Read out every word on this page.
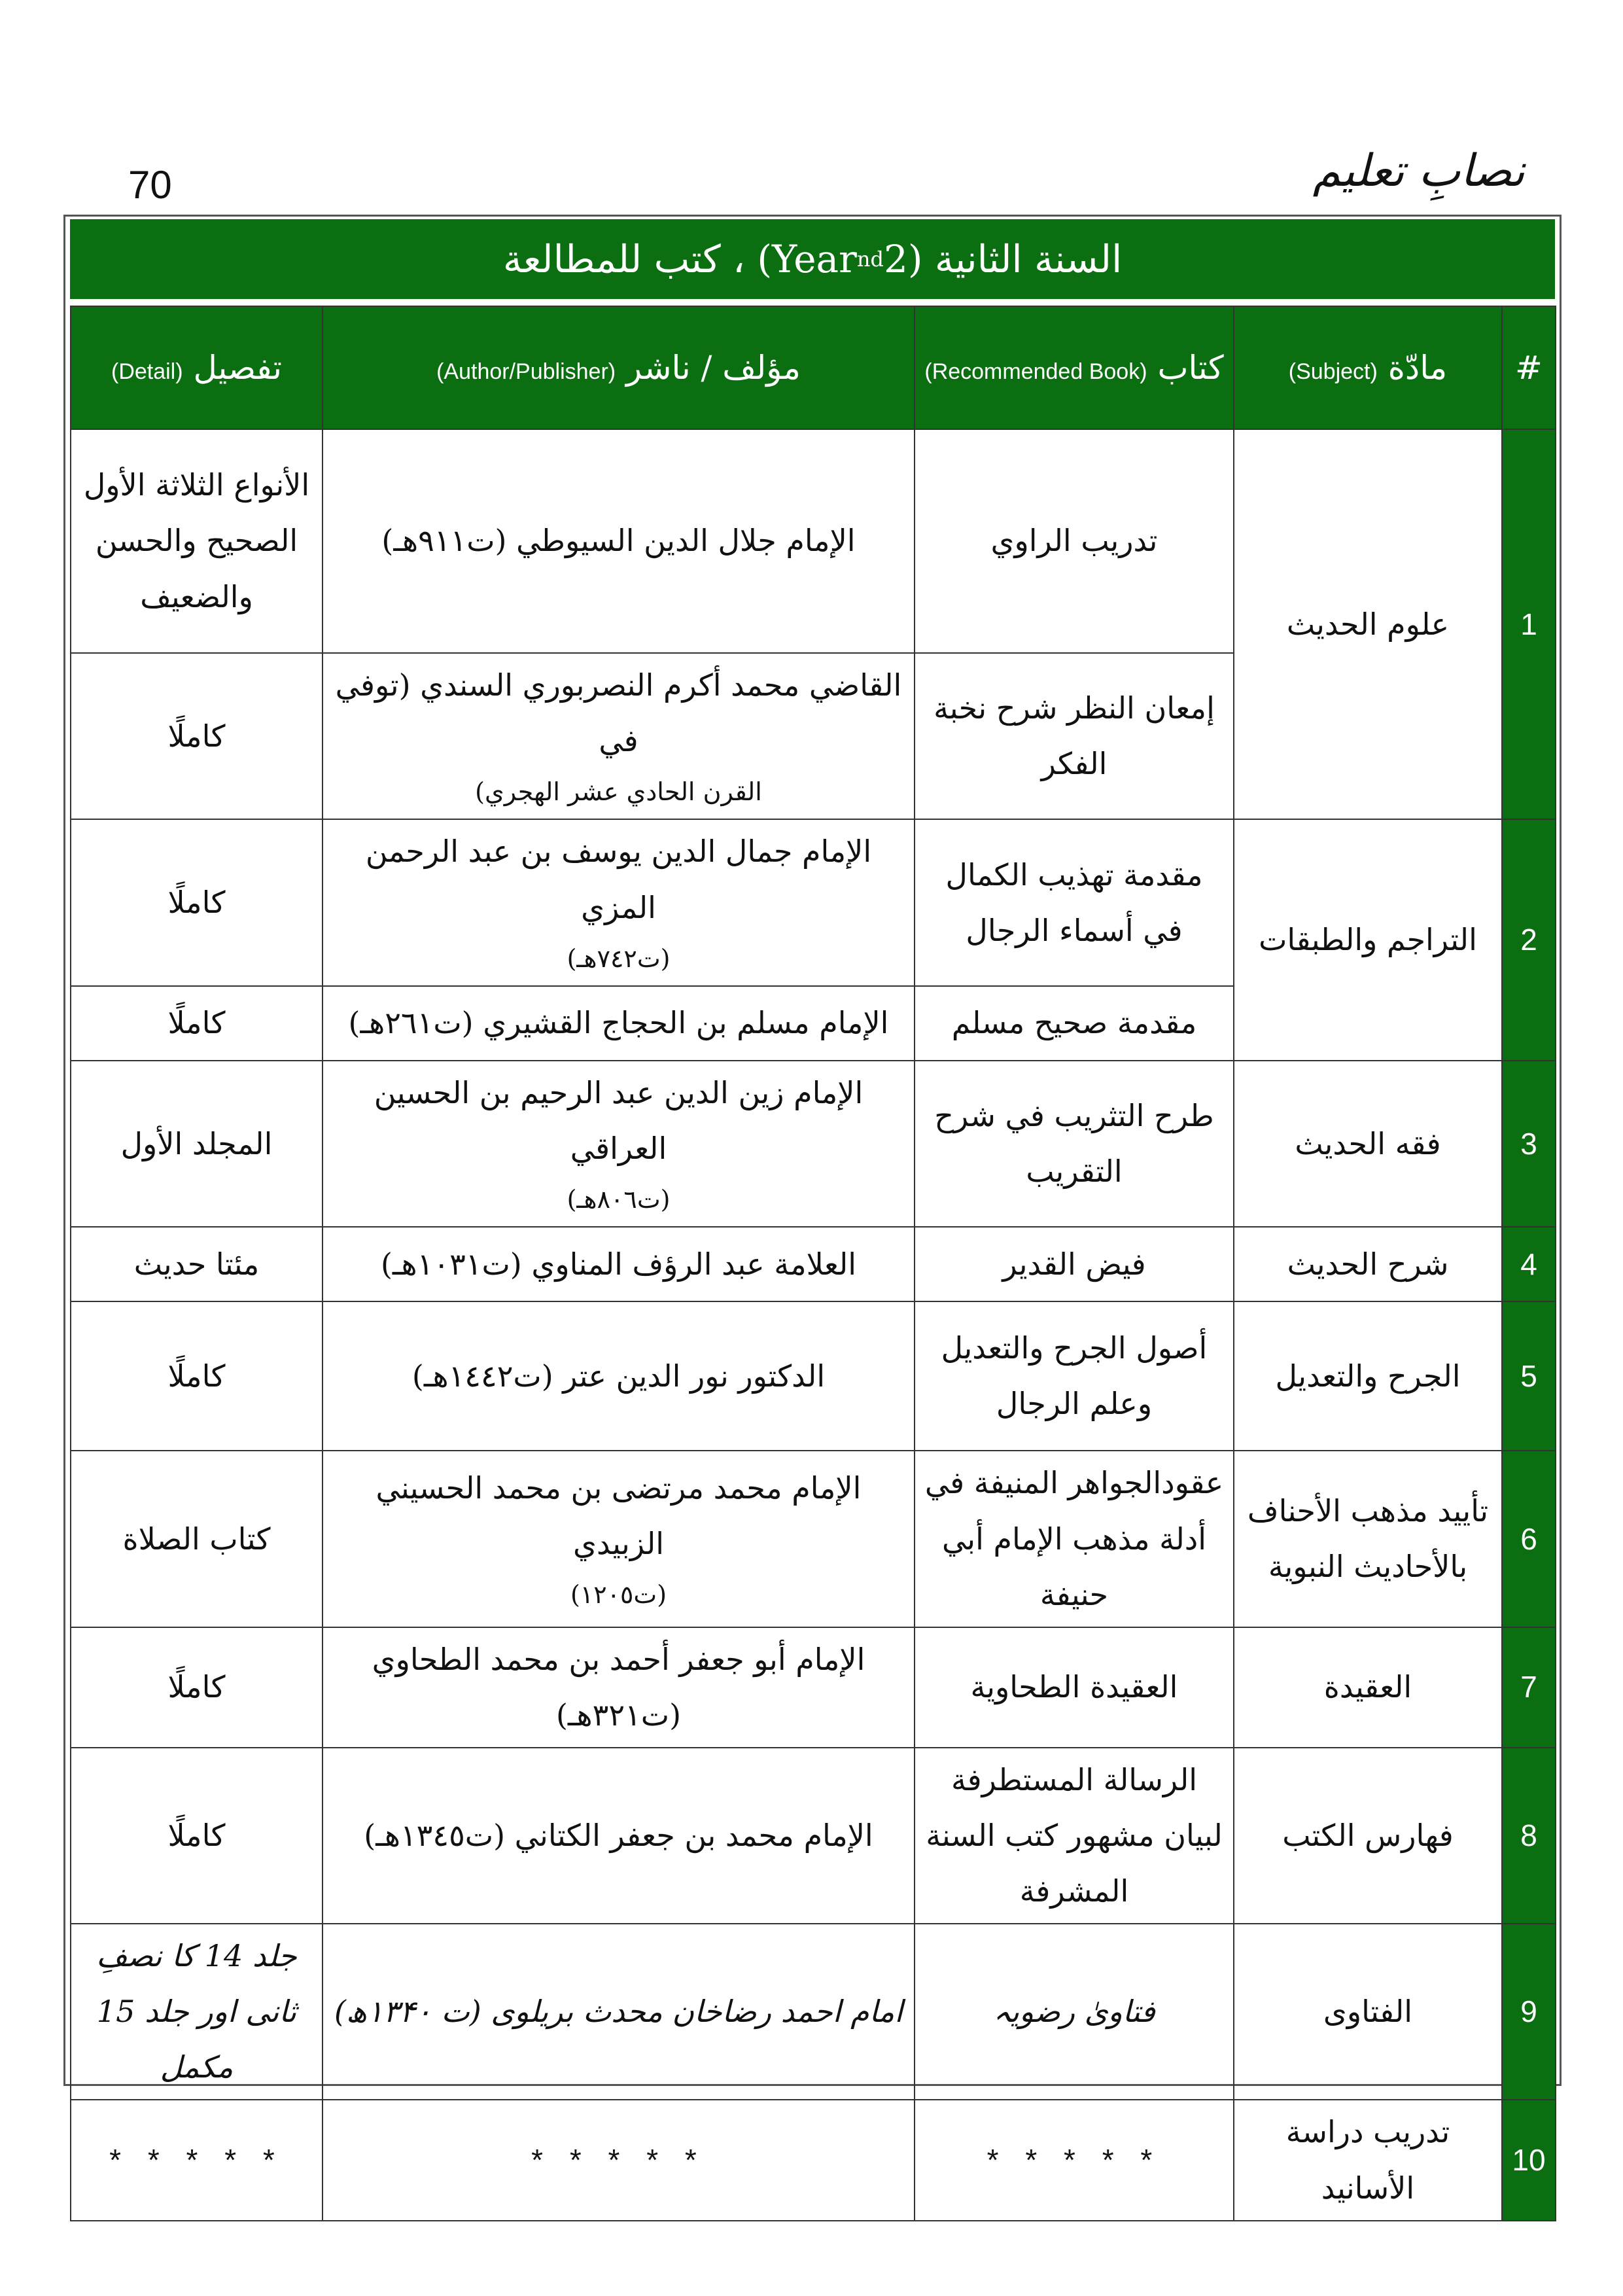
70	نصابِ تعلیم
السنة الثانية (2
nd
Year) ، كتب للمطالعة
#	مادّة (Subject)	كتاب (Recommended Book)	مؤلف / ناشر (Author/Publisher)	تفصيل (Detail)
1	علوم الحديث	تدريب الراوي	الإمام جلال الدين السيوطي (ت٩١١هـ)	الأنواع الثلاثة الأول الصحيح والحسن والضعيف
		إمعان النظر شرح نخبة الفكر	القاضي محمد أكرم النصربوري السندي (توفي في
القرن الحادي عشر الهجري)	كاملًا
2	التراجم والطبقات	مقدمة تهذيب الكمال في أسماء الرجال	الإمام جمال الدين يوسف بن عبد الرحمن المزي
(ت٧٤٢هـ)	كاملًا
		مقدمة صحيح مسلم	الإمام مسلم بن الحجاج القشيري (ت٢٦١هـ)	كاملًا
3	فقه الحديث	طرح التثريب في شرح التقريب	الإمام زين الدين عبد الرحيم بن الحسين العراقي
(ت٨٠٦هـ)	المجلد الأول
4	شرح الحديث	فيض القدير	العلامة عبد الرؤف المناوي (ت١٠٣١هـ)	مئتا حديث
5	الجرح والتعديل	أصول الجرح والتعديل وعلم الرجال	الدكتور نور الدين عتر (ت١٤٤٢هـ)	كاملًا
6	تأييد مذهب الأحناف بالأحاديث النبوية	عقودالجواهر المنيفة في أدلة مذهب الإمام أبي حنيفة	الإمام محمد مرتضى بن محمد الحسيني الزبيدي
(ت١٢٠٥)	كتاب الصلاة
7	العقيدة	العقيدة الطحاوية	الإمام أبو جعفر أحمد بن محمد الطحاوي (ت٣٢١هـ)	كاملًا
8	فهارس الكتب	الرسالة المستطرفة لبيان مشهور كتب السنة المشرفة	الإمام محمد بن جعفر الكتاني (ت١٣٤٥هـ)	كاملًا
9	الفتاوى	فتاویٰ رضویہ	امام احمد رضاخان محدث بریلوی (ت ۱۳۴۰ھ)	جلد 14 کا نصفِ ثانی اور جلد 15 مکمل
10	تدريب دراسة الأسانيد	* * * * *	* * * * *	* * * * *
